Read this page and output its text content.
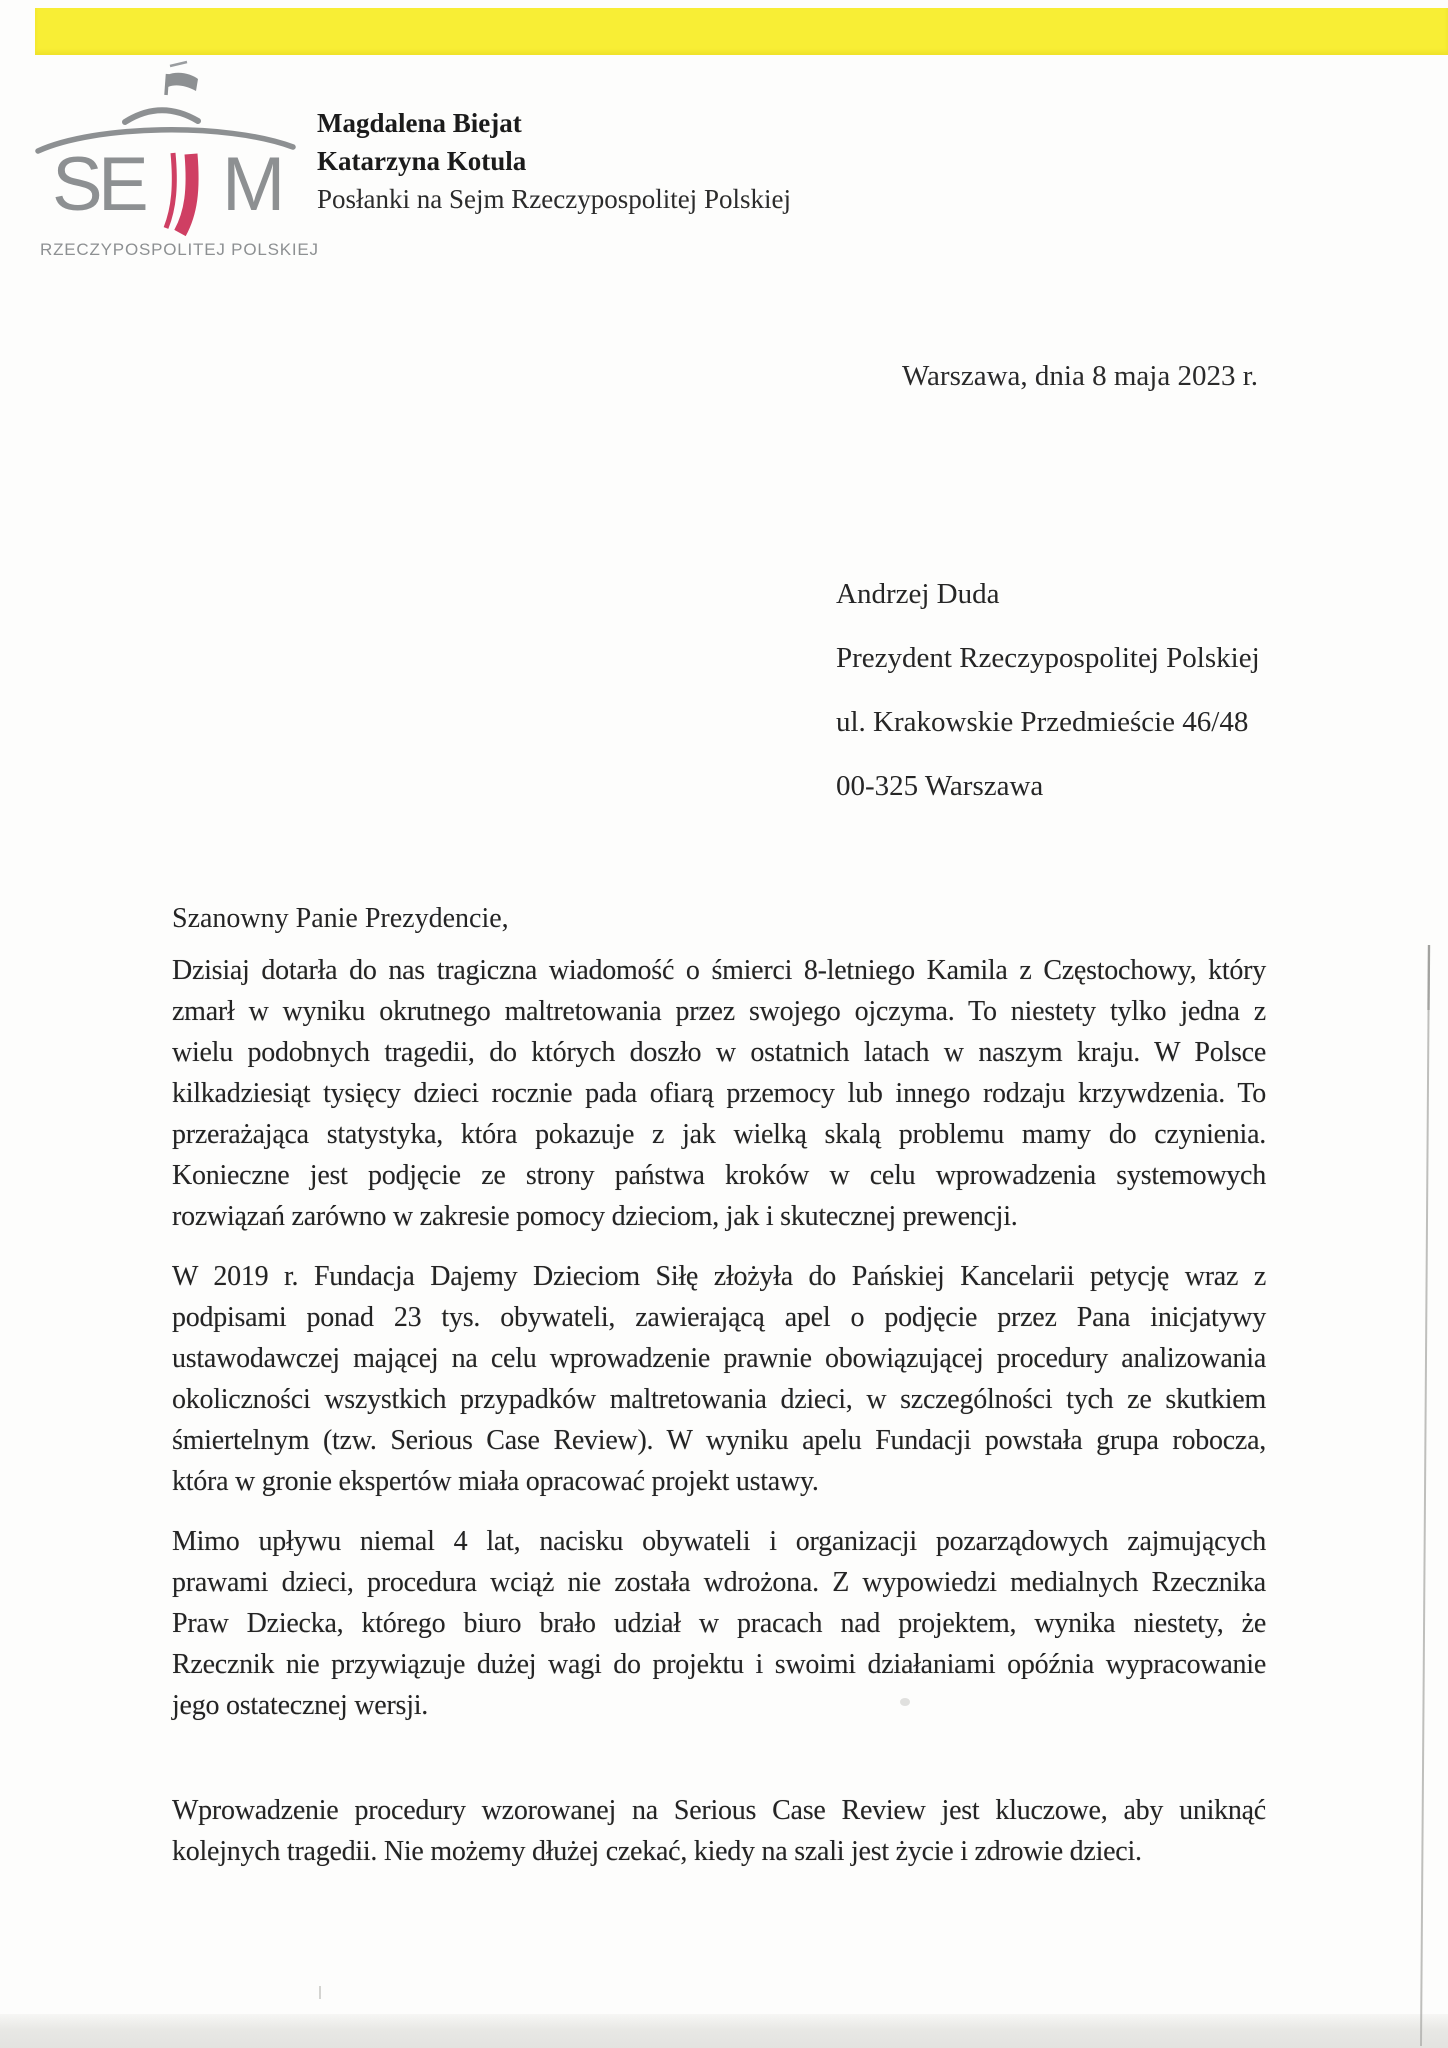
S
E M
RZECZYPOSPOLITEJ POLSKIEJ
Magdalena Biejat
Katarzyna Kotula
Posłanki na Sejm Rzeczypospolitej Polskiej
Warszawa, dnia 8 maja 2023 r.
Andrzej Duda
Prezydent Rzeczypospolitej Polskiej
ul. Krakowskie Przedmieście 46/48
00-325 Warszawa
Szanowny Panie Prezydencie,
Dzisiaj dotarła do nas tragiczna wiadomość o śmierci 8-letniego Kamila z Częstochowy, który
zmarł w wyniku okrutnego maltretowania przez swojego ojczyma. To niestety tylko jedna z
wielu podobnych tragedii, do których doszło w ostatnich latach w naszym kraju. W Polsce
kilkadziesiąt tysięcy dzieci rocznie pada ofiarą przemocy lub innego rodzaju krzywdzenia. To
przerażająca statystyka, która pokazuje z jak wielką skalą problemu mamy do czynienia.
Konieczne jest podjęcie ze strony państwa kroków w celu wprowadzenia systemowych
rozwiązań zarówno w zakresie pomocy dzieciom, jak i skutecznej prewencji.
W 2019 r. Fundacja Dajemy Dzieciom Siłę złożyła do Pańskiej Kancelarii petycję wraz z
podpisami ponad 23 tys. obywateli, zawierającą apel o podjęcie przez Pana inicjatywy
ustawodawczej mającej na celu wprowadzenie prawnie obowiązującej procedury analizowania
okoliczności wszystkich przypadków maltretowania dzieci, w szczególności tych ze skutkiem
śmiertelnym (tzw. Serious Case Review). W wyniku apelu Fundacji powstała grupa robocza,
która w gronie ekspertów miała opracować projekt ustawy.
Mimo upływu niemal 4 lat, nacisku obywateli i organizacji pozarządowych zajmujących
prawami dzieci, procedura wciąż nie została wdrożona. Z wypowiedzi medialnych Rzecznika
Praw Dziecka, którego biuro brało udział w pracach nad projektem, wynika niestety, że
Rzecznik nie przywiązuje dużej wagi do projektu i swoimi działaniami opóźnia wypracowanie
jego ostatecznej wersji.
Wprowadzenie procedury wzorowanej na Serious Case Review jest kluczowe, aby uniknąć
kolejnych tragedii. Nie możemy dłużej czekać, kiedy na szali jest życie i zdrowie dzieci.
